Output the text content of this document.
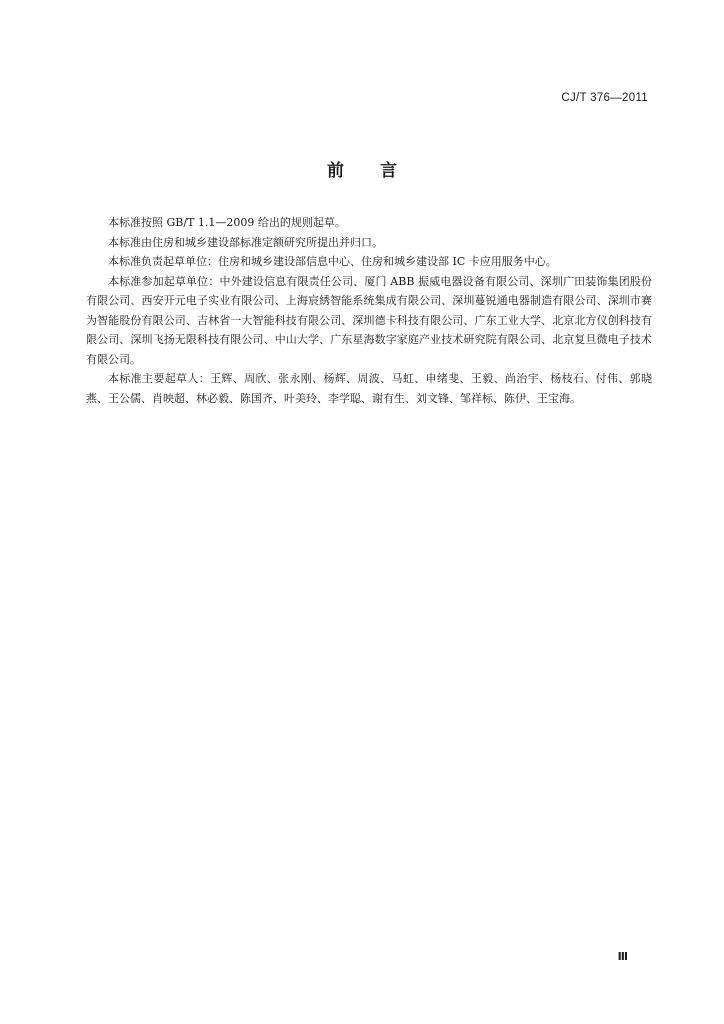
CJ/T 376—2011
前言

本标准按照 GB/T 1.1—2009 给出的规则起草。

本标准由住房和城乡建设部标准定额研究所提出并归口。

本标准负责起草单位：住房和城乡建设部信息中心、住房和城乡建设部 IC 卡应用服务中心。

本标准参加起草单位：中外建设信息有限责任公司、厦门 ABB 振威电器设备有限公司、深圳广田装饰集团股份有限公司、西安开元电子实业有限公司、上海宸綉智能系统集成有限公司、深圳蔓锐通电器制造有限公司、深圳市赛为智能股份有限公司、吉林省一大智能科技有限公司、深圳德卡科技有限公司、广东工业大学、北京北方仪创科技有限公司、深圳飞扬无限科技有限公司、中山大学、广东星海数字家庭产业技术研究院有限公司、北京复旦微电子技术有限公司。

本标准主要起草人：王辉、周欣、张永刚、杨辉、周波、马虹、申绪斐、王毅、尚治宇、杨枝石、付伟、郭晓燕、王公儒、肖映超、林必毅、陈国齐、叶美玲、李学聪、谢有生、刘文锋、邹祥标、陈伊、王宝海。

Ⅲ
